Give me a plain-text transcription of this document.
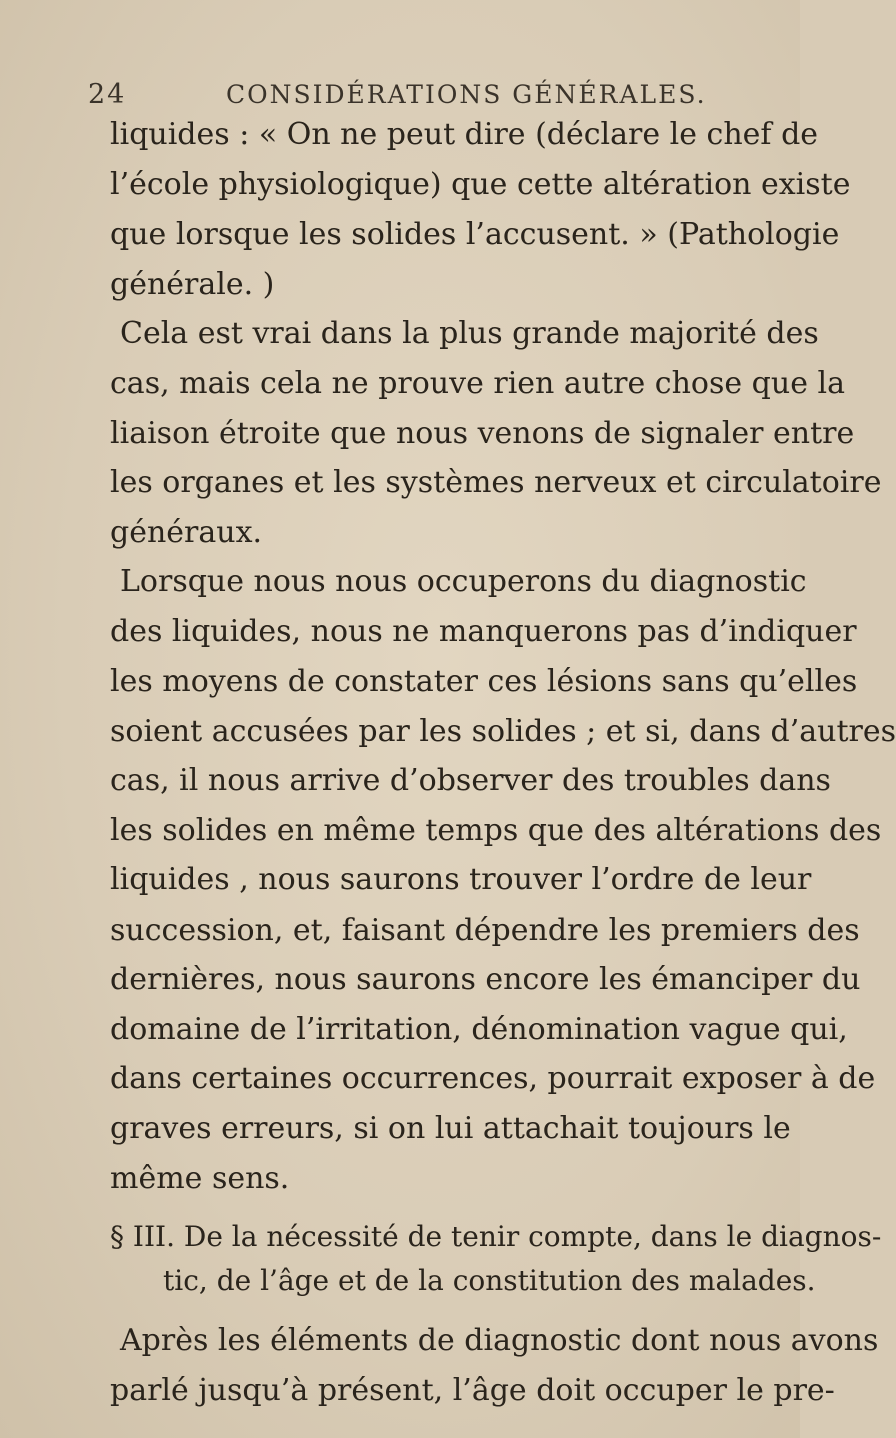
24	CONSIDÉRATIONS GÉNÉRALES.
liquides : « On ne peut dire (déclare le chef de
l’école physiologique) que cette altération existe
que lorsque les solides l’accusent. » (Pathologie
générale. )
Cela est vrai dans la plus grande majorité des
cas, mais cela ne prouve rien autre chose que la
liaison étroite que nous venons de signaler entre
les organes et les systèmes nerveux et circulatoire
généraux.
Lorsque nous nous occuperons du diagnostic
des liquides, nous ne manquerons pas d’indiquer
les moyens de constater ces lésions sans qu’elles
soient accusées par les solides ; et si, dans d’autres
cas, il nous arrive d’observer des troubles dans
les solides en même temps que des altérations des
liquides , nous saurons trouver l’ordre de leur
succession, et, faisant dépendre les premiers des
dernières, nous saurons encore les émanciper du
domaine de l’irritation, dénomination vague qui,
dans certaines occurrences, pourrait exposer à de
graves erreurs, si on lui attachait toujours le
même sens.
§ III. De la nécessité de tenir compte, dans le diagnos-
tic, de l’âge et de la constitution des malades.
Après les éléments de diagnostic dont nous avons
parlé jusqu’à présent, l’âge doit occuper le pre-
